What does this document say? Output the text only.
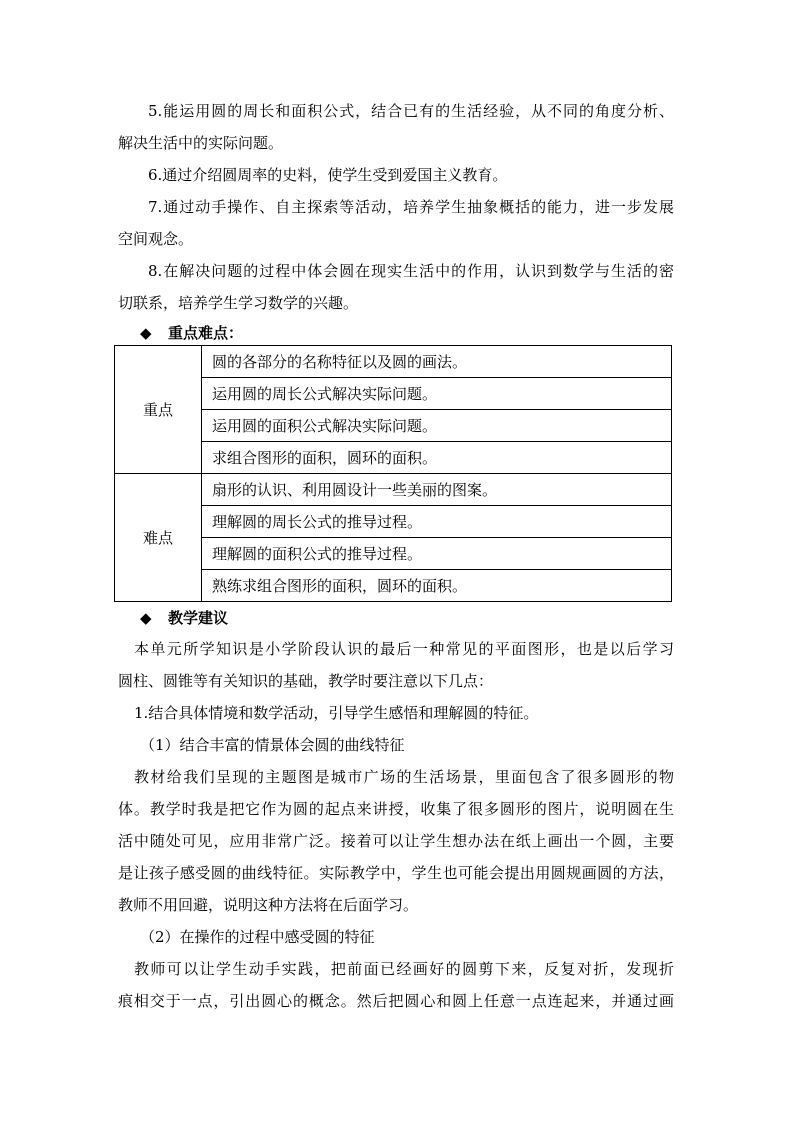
5.能运用圆的周长和面积公式，结合已有的生活经验，从不同的角度分析、
解决生活中的实际问题。
6.通过介绍圆周率的史料，使学生受到爱国主义教育。
7.通过动手操作、自主探索等活动，培养学生抽象概括的能力，进一步发展
空间观念。
8.在解决问题的过程中体会圆在现实生活中的作用，认识到数学与生活的密
切联系，培养学生学习数学的兴趣。
◆ 重点难点：
重点	圆的各部分的名称特征以及圆的画法。
	运用圆的周长公式解决实际问题。
	运用圆的面积公式解决实际问题。
	求组合图形的面积，圆环的面积。
难点	扇形的认识、利用圆设计一些美丽的图案。
	理解圆的周长公式的推导过程。
	理解圆的面积公式的推导过程。
	熟练求组合图形的面积，圆环的面积。
◆ 教学建议
本单元所学知识是小学阶段认识的最后一种常见的平面图形，也是以后学习
圆柱、圆锥等有关知识的基础，教学时要注意以下几点：
1.结合具体情境和数学活动，引导学生感悟和理解圆的特征。
（1）结合丰富的情景体会圆的曲线特征
教材给我们呈现的主题图是城市广场的生活场景，里面包含了很多圆形的物
体。教学时我是把它作为圆的起点来讲授，收集了很多圆形的图片，说明圆在生
活中随处可见，应用非常广泛。接着可以让学生想办法在纸上画出一个圆，主要
是让孩子感受圆的曲线特征。实际教学中，学生也可能会提出用圆规画圆的方法，
教师不用回避，说明这种方法将在后面学习。
（2）在操作的过程中感受圆的特征
教师可以让学生动手实践，把前面已经画好的圆剪下来，反复对折，发现折
痕相交于一点，引出圆心的概念。然后把圆心和圆上任意一点连起来，并通过画
